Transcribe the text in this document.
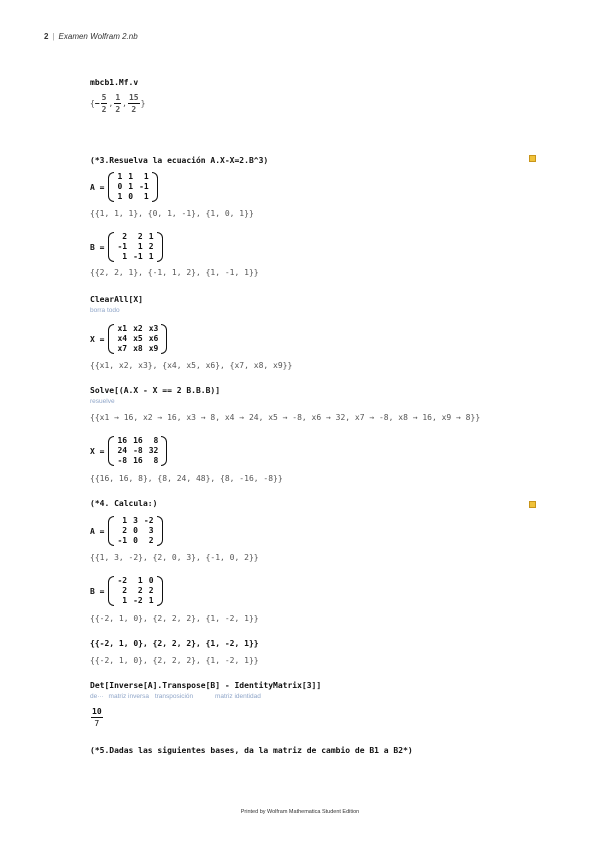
2 | Examen Wolfram 2.nb
mbcb1.Mf.v
{ − $\frac{5}{2}$ , $\frac{1}{2}$ , $\frac{15}{2}$ }
(*3.Resuelva la ecuación A.X-X=2.B^3)
A =
1	1	1
0	1	-1
1	0	1
{{1, 1, 1}, {0, 1, -1}, {1, 0, 1}}
B =
2	2	1
-1	1	2
1	-1	1
{{2, 2, 1}, {-1, 1, 2}, {1, -1, 1}}
ClearAll[X]
borra todo
X =
x1	x2	x3
x4	x5	x6
x7	x8	x9
{{x1, x2, x3}, {x4, x5, x6}, {x7, x8, x9}}
Solve[(A.X - X == 2 B.B.B)]
resuelve
{{x1 → 16, x2 → 16, x3 → 8, x4 → 24, x5 → -8, x6 → 32, x7 → -8, x8 → 16, x9 → 8}}
X =
16	16	8
24	-8	32
-8	16	8
{{16, 16, 8}, {8, 24, 48}, {8, -16, -8}}
(*4. Calcula:)
A =
1	3	-2
2	0	3
-1	0	2
{{1, 3, -2}, {2, 0, 3}, {-1, 0, 2}}
B =
-2	1	0
2	2	2
1	-2	1
{{-2, 1, 0}, {2, 2, 2}, {1, -2, 1}}
{{-2, 1, 0}, {2, 2, 2}, {1, -2, 1}}
{{-2, 1, 0}, {2, 2, 2}, {1, -2, 1}}
Det[Inverse[A].Transpose[B] - IdentityMatrix[3]]
de··· matriz inversa transposición	matriz identidad
$\frac{10}{7}$
(*5.Dadas las siguientes bases, da la matriz de cambio de B1 a B2*)
Printed by Wolfram Mathematica Student Edition
